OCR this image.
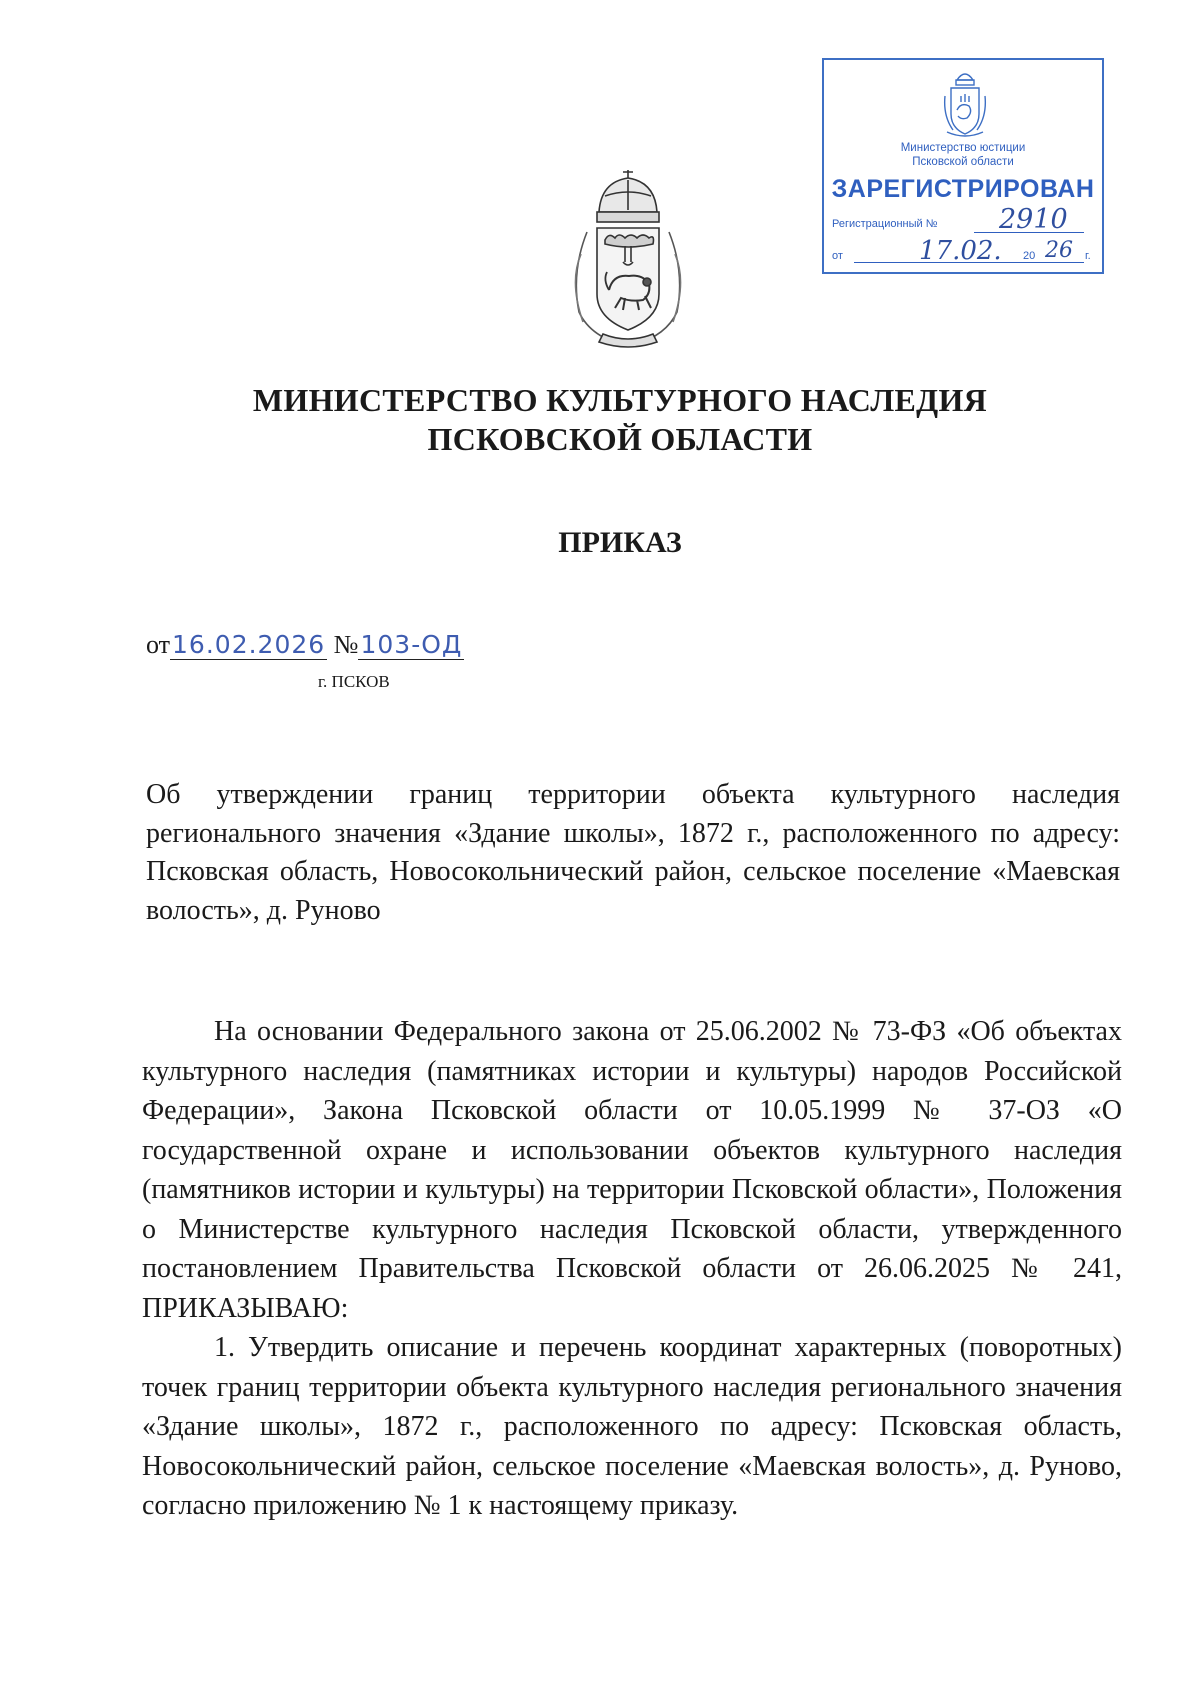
Министерство юстиции
Псковской области
ЗАРЕГИСТРИРОВАН
Регистрационный № 2910
от	17.02. 20 26 г.
МИНИСТЕРСТВО КУЛЬТУРНОГО НАСЛЕДИЯ
ПСКОВСКОЙ ОБЛАСТИ
ПРИКАЗ
от16.02.2026 №103-ОД
г. ПСКОВ
Об утверждении границ территории объекта культурного наследия регионального значения «Здание школы», 1872 г., расположенного по адресу: Псковская область, Новосокольнический район, сельское поселение «Маевская волость», д. Руново

На основании Федерального закона от 25.06.2002 № 73-ФЗ «Об объектах культурного наследия (памятниках истории и культуры) народов Российской Федерации», Закона Псковской области от 10.05.1999 № 37-ОЗ «О государственной охране и использовании объектов культурного наследия (памятников истории и культуры) на территории Псковской области», Положения о Министерстве культурного наследия Псковской области, утвержденного постановлением Правительства Псковской области от 26.06.2025 № 241, ПРИКАЗЫВАЮ:

1. Утвердить описание и перечень координат характерных (поворотных) точек границ территории объекта культурного наследия регионального значения «Здание школы», 1872 г., расположенного по адресу: Псковская область, Новосокольнический район, сельское поселение «Маевская волость», д. Руново, согласно приложению № 1 к настоящему приказу.
